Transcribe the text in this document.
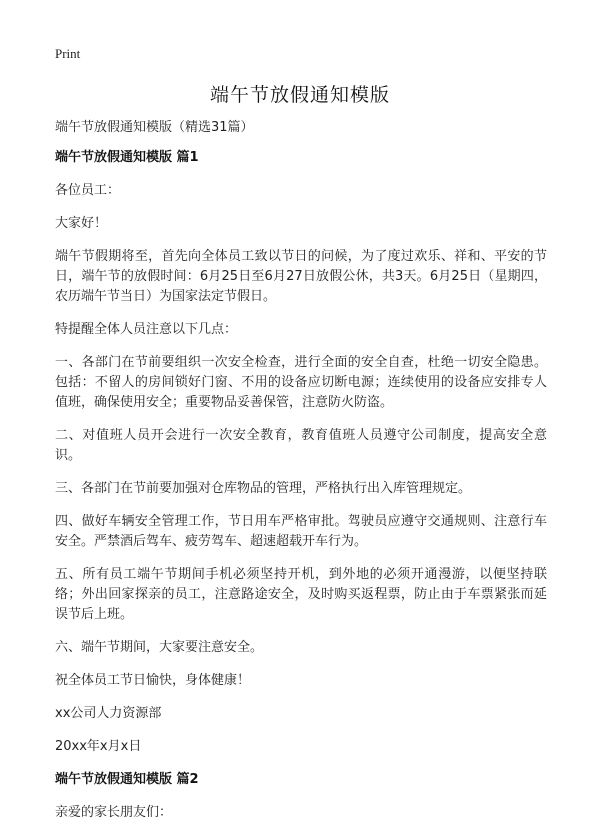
Print
端午节放假通知模版

端午节放假通知模版（精选31篇）

端午节放假通知模版 篇1

各位员工：

大家好！

端午节假期将至，首先向全体员工致以节日的问候，为了度过欢乐、祥和、平安的节日，端午节的放假时间：6月25日至6月27日放假公休，共3天。6月25日（星期四，农历端午节当日）为国家法定节假日。

特提醒全体人员注意以下几点：

一、各部门在节前要组织一次安全检查，进行全面的安全自查，杜绝一切安全隐患。包括：不留人的房间锁好门窗、不用的设备应切断电源；连续使用的设备应安排专人值班，确保使用安全；重要物品妥善保管，注意防火防盗。

二、对值班人员开会进行一次安全教育，教育值班人员遵守公司制度，提高安全意识。

三、各部门在节前要加强对仓库物品的管理，严格执行出入库管理规定。

四、做好车辆安全管理工作，节日用车严格审批。驾驶员应遵守交通规则、注意行车安全。严禁酒后驾车、疲劳驾车、超速超载开车行为。

五、所有员工端午节期间手机必须坚持开机，到外地的必须开通漫游，以便坚持联络；外出回家探亲的员工，注意路途安全，及时购买返程票，防止由于车票紧张而延误节后上班。

六、端午节期间，大家要注意安全。

祝全体员工节日愉快，身体健康！

xx公司人力资源部

20xx年x月x日

端午节放假通知模版 篇2

亲爱的家长朋友们：
